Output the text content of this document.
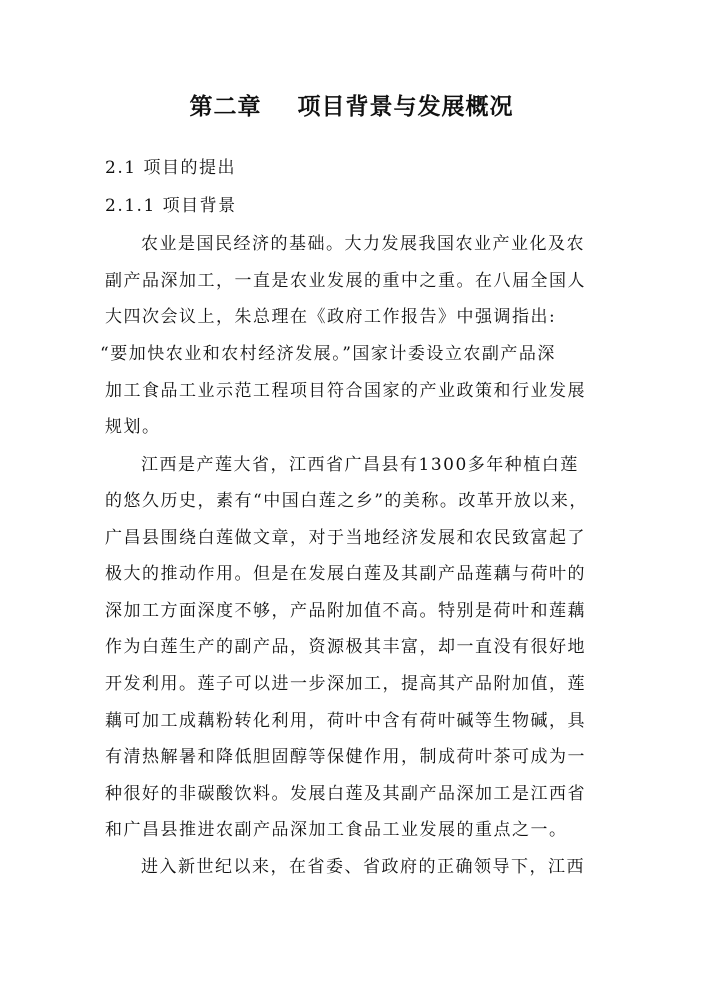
第二章    项目背景与发展概况
2.1 项目的提出
2.1.1 项目背景
农业是国民经济的基础。大力发展我国农业产业化及农
副产品深加工，一直是农业发展的重中之重。在八届全国人
大四次会议上，朱总理在《政府工作报告》中强调指出:
“要加快农业和农村经济发展。”国家计委设立农副产品深
加工食品工业示范工程项目符合国家的产业政策和行业发展
规划。
江西是产莲大省，江西省广昌县有1300多年种植白莲
的悠久历史，素有“中国白莲之乡”的美称。改革开放以来，
广昌县围绕白莲做文章，对于当地经济发展和农民致富起了
极大的推动作用。但是在发展白莲及其副产品莲藕与荷叶的
深加工方面深度不够，产品附加值不高。特别是荷叶和莲藕
作为白莲生产的副产品，资源极其丰富，却一直没有很好地
开发利用。莲子可以进一步深加工，提高其产品附加值，莲
藕可加工成藕粉转化利用，荷叶中含有荷叶碱等生物碱，具
有清热解暑和降低胆固醇等保健作用，制成荷叶茶可成为一
种很好的非碳酸饮料。发展白莲及其副产品深加工是江西省
和广昌县推进农副产品深加工食品工业发展的重点之一。
进入新世纪以来，在省委、省政府的正确领导下，江西
